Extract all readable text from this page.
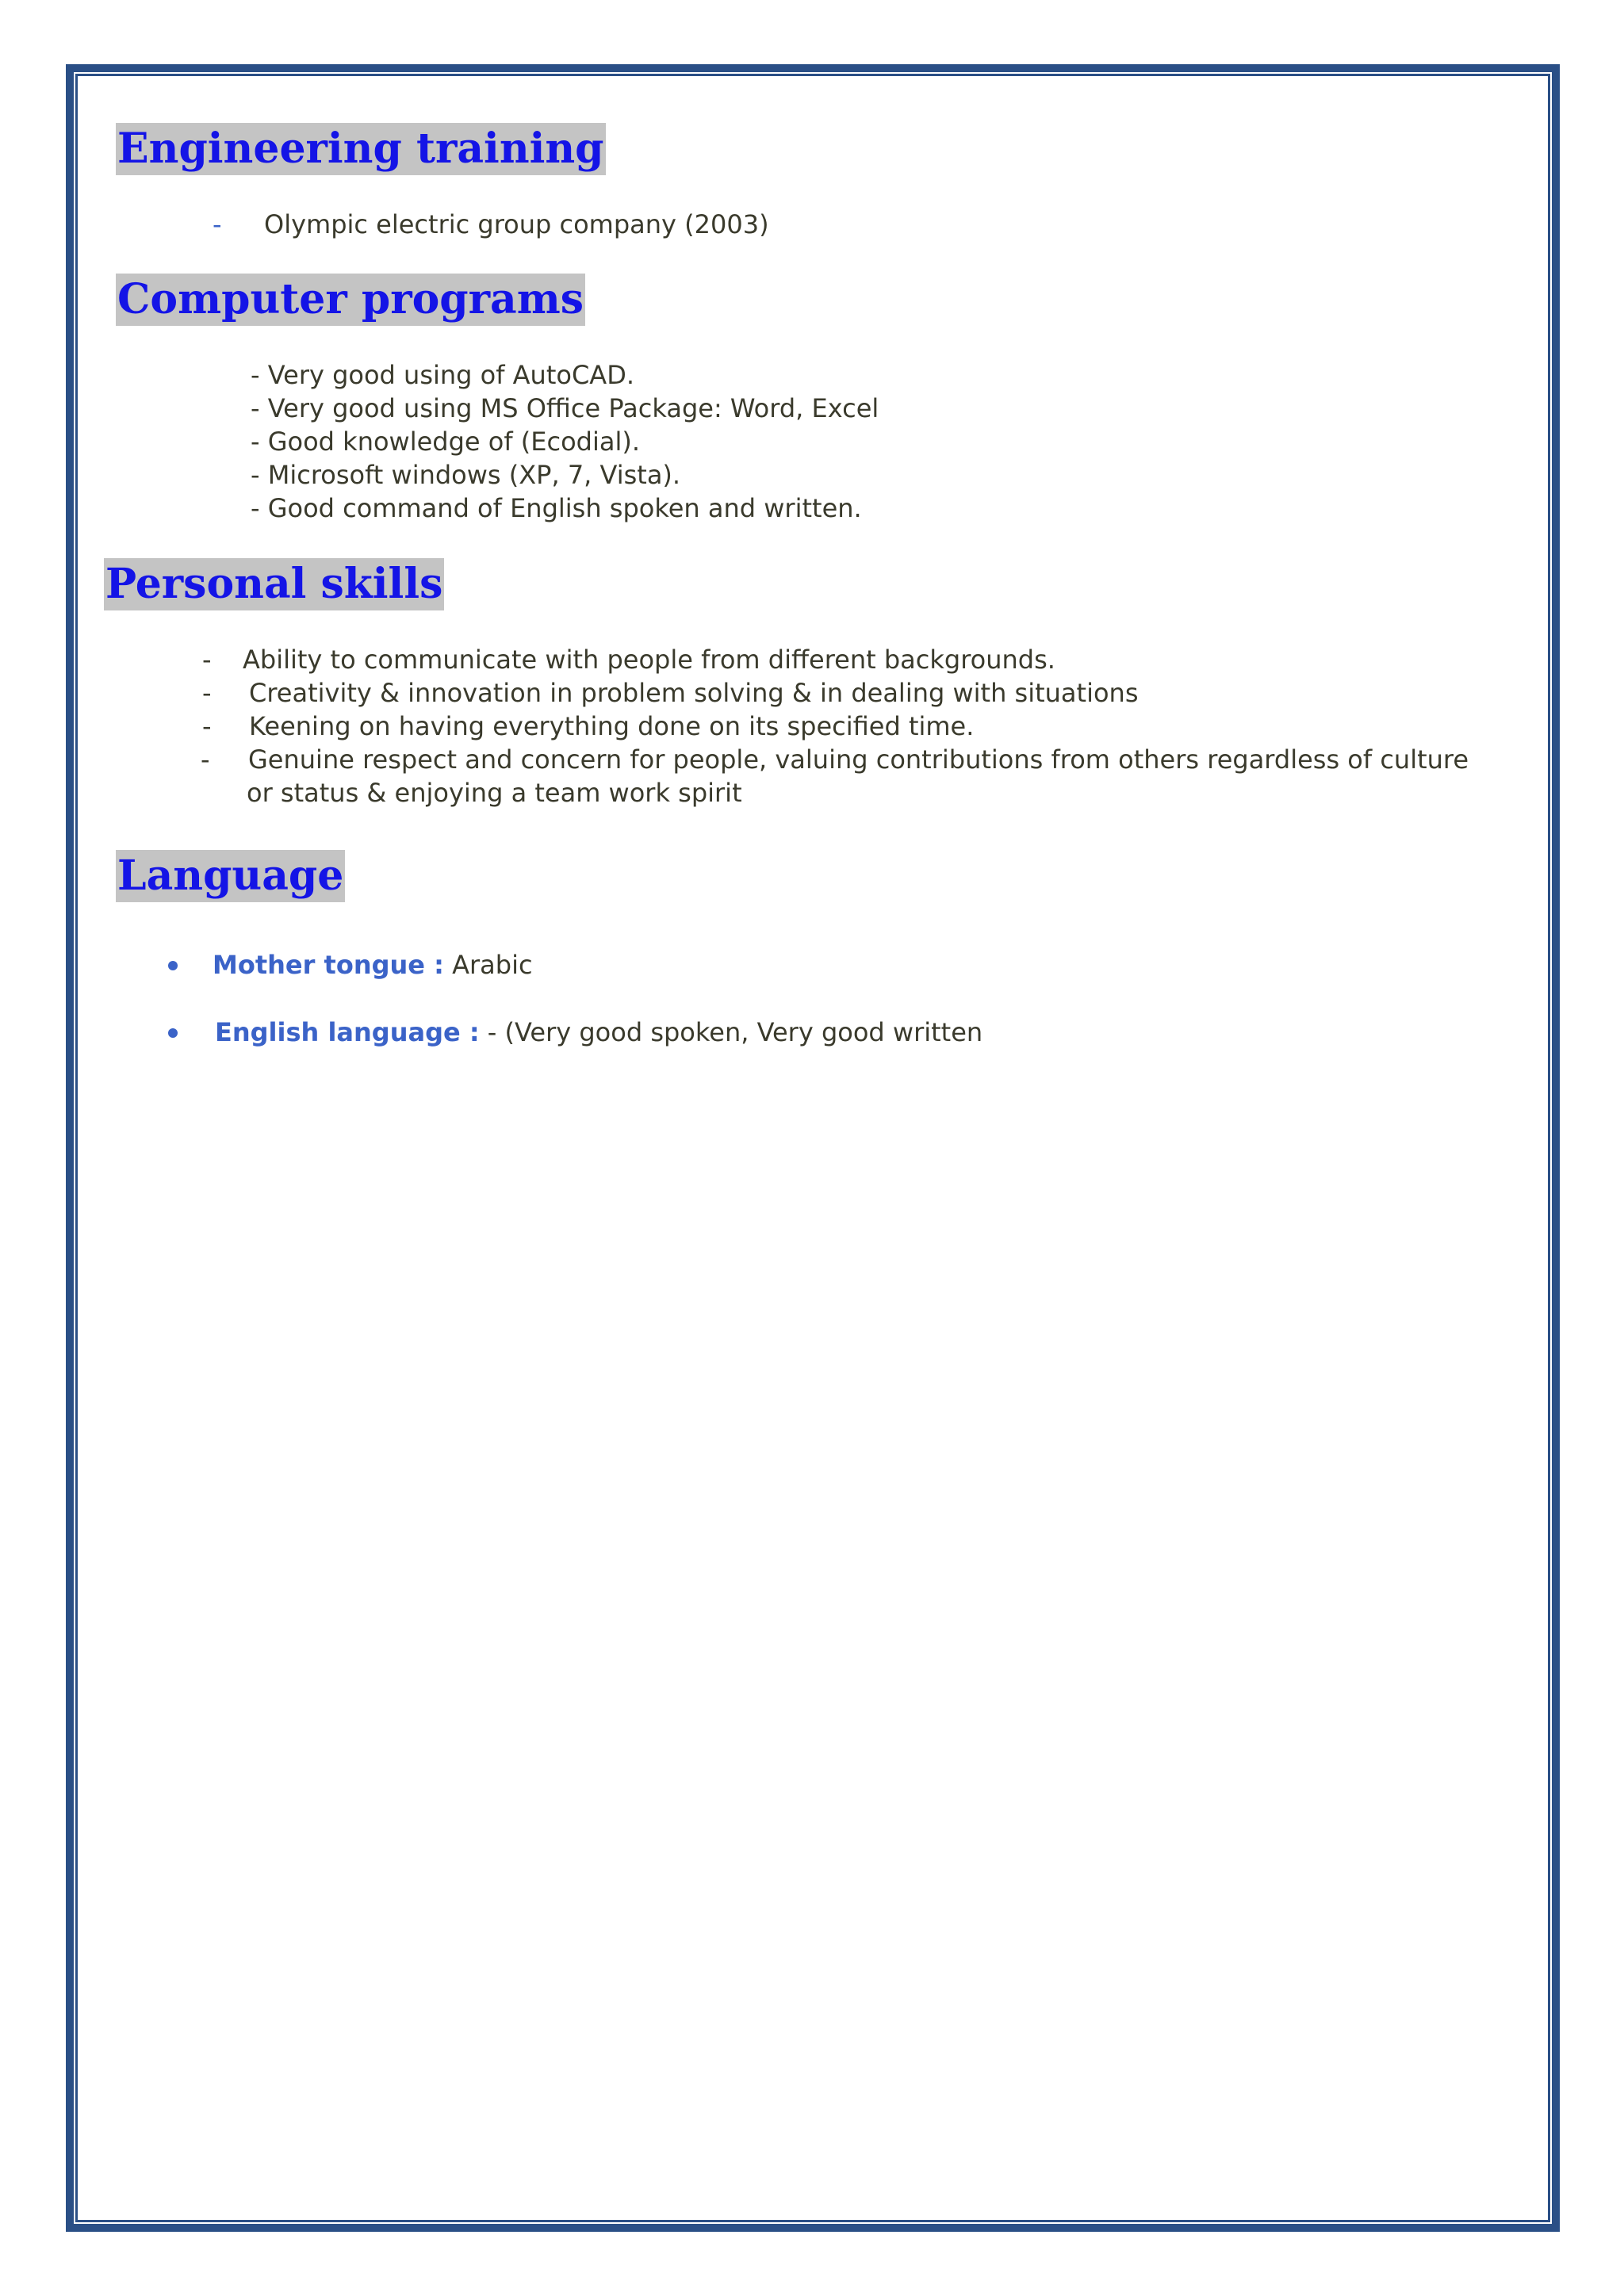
Engineering training
- Olympic electric group company (2003)
Computer programs
- Very good using of AutoCAD.
- Very good using MS Office Package: Word, Excel
- Good knowledge of (Ecodial).
- Microsoft windows (XP, 7, Vista).
- Good command of English spoken and written.
Personal skills
- Ability to communicate with people from different backgrounds.
- Creativity & innovation in problem solving & in dealing with situations
- Keening on having everything done on its specified time.
- Genuine respect and concern for people, valuing contributions from others regardless of culture
or status & enjoying a team work spirit
Language
Mother tongue : Arabic
English language : - (Very good spoken, Very good written
